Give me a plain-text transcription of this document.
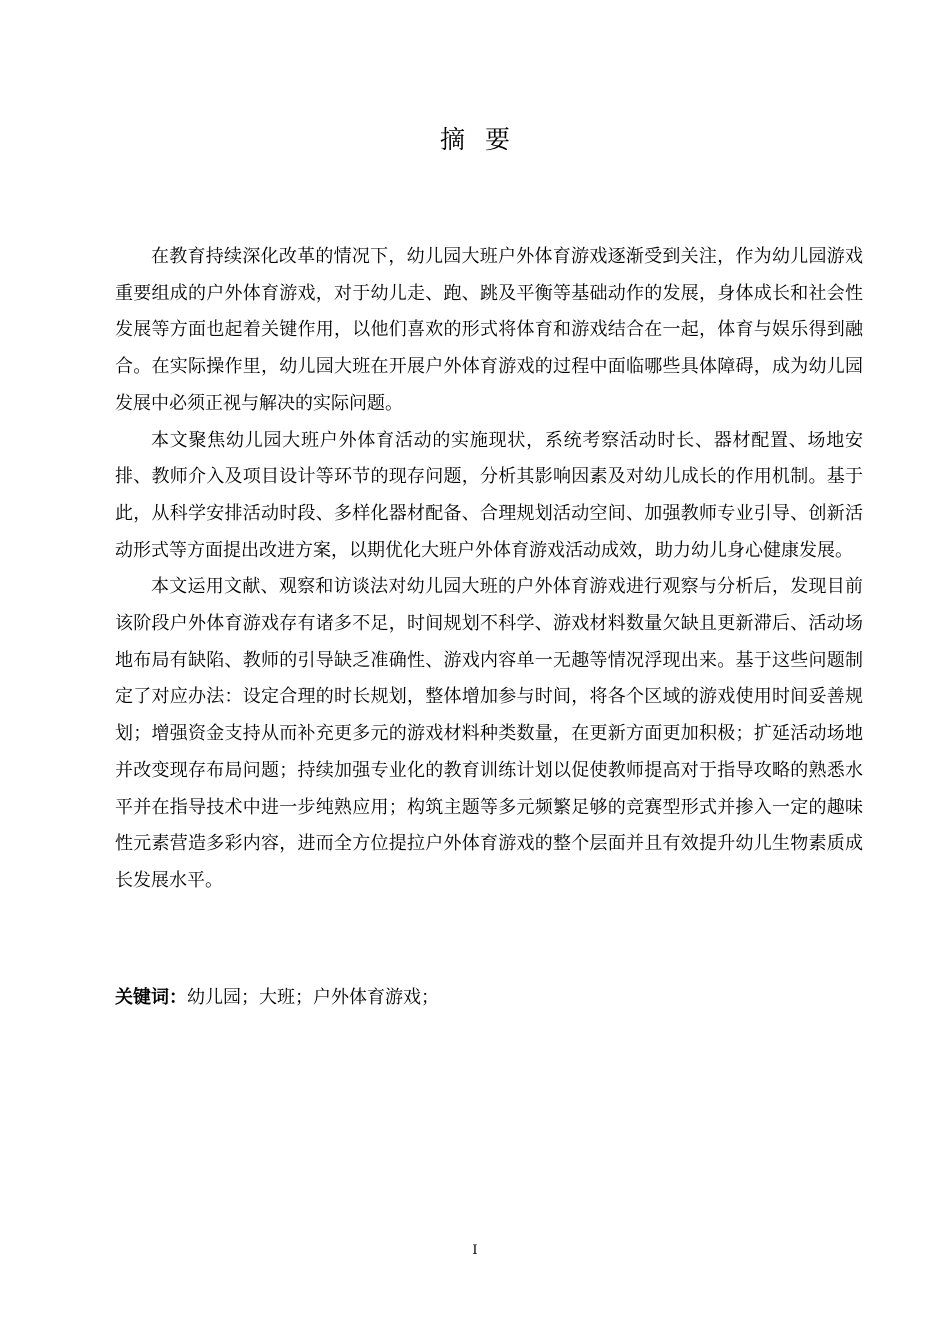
摘 要

在教育持续深化改革的情况下，幼儿园大班户外体育游戏逐渐受到关注，作为幼儿园游戏重要组成的户外体育游戏，对于幼儿走、跑、跳及平衡等基础动作的发展，身体成长和社会性发展等方面也起着关键作用，以他们喜欢的形式将体育和游戏结合在一起，体育与娱乐得到融合。在实际操作里，幼儿园大班在开展户外体育游戏的过程中面临哪些具体障碍，成为幼儿园发展中必须正视与解决的实际问题。

本文聚焦幼儿园大班户外体育活动的实施现状，系统考察活动时长、器材配置、场地安排、教师介入及项目设计等环节的现存问题，分析其影响因素及对幼儿成长的作用机制。基于此，从科学安排活动时段、多样化器材配备、合理规划活动空间、加强教师专业引导、创新活动形式等方面提出改进方案，以期优化大班户外体育游戏活动成效，助力幼儿身心健康发展。

本文运用文献、观察和访谈法对幼儿园大班的户外体育游戏进行观察与分析后，发现目前该阶段户外体育游戏存有诸多不足，时间规划不科学、游戏材料数量欠缺且更新滞后、活动场地布局有缺陷、教师的引导缺乏准确性、游戏内容单一无趣等情况浮现出来。基于这些问题制定了对应办法：设定合理的时长规划，整体增加参与时间，将各个区域的游戏使用时间妥善规划；增强资金支持从而补充更多元的游戏材料种类数量，在更新方面更加积极；扩延活动场地并改变现存布局问题；持续加强专业化的教育训练计划以促使教师提高对于指导攻略的熟悉水平并在指导技术中进一步纯熟应用；构筑主题等多元频繁足够的竞赛型形式并掺入一定的趣味性元素营造多彩内容，进而全方位提拉户外体育游戏的整个层面并且有效提升幼儿生物素质成长发展水平。

关键词：幼儿园；大班；户外体育游戏；
I
